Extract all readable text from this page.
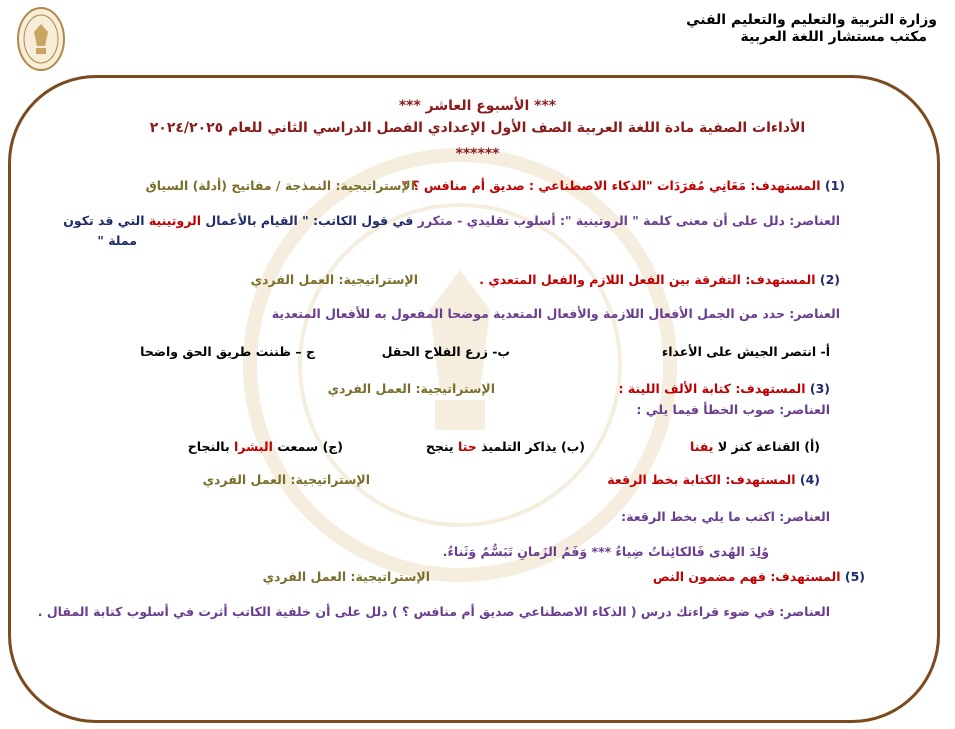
وزارة التربية والتعليم والتعليم الفني
مكتب مستشار اللغة العربية
*** الأسبوع العاشر ***
الأداءات الصفية مادة اللغة العربية الصف الأول الإعدادي الفصل الدراسي الثاني للعام ٢٠٢٤/٢٠٢٥
******
(1) المستهدف: مَعَانِي مُفرَدَات "الذكاء الاصطناعي : صديق أم منافس ؟ "
الإستراتيجية: النمذجة / مفاتيح (أدلة) السياق
العناصر: دلل على أن معنى كلمة " الروتينية ": أسلوب تقليدي - متكرر في قول الكاتب: " القيام بالأعمال الروتينية التي قد تكون
مملة "
(2) المستهدف: التفرقة بين الفعل اللازم والفعل المتعدي .
الإستراتيجية: العمل الفردي
العناصر: حدد من الجمل الأفعال اللازمة والأفعال المتعدية موضحا المفعول به للأفعال المتعدية
أ- انتصر الجيش على الأعداء
ب- زرع الفلاح الحقل
ج – ظننت طريق الحق واضحا
(3) المستهدف: كتابة الألف اللينة :
الإستراتيجية: العمل الفردي
العناصر: صوب الخطأ فيما يلي :
(أ) القناعة كنز لا يفنا
(ب) يذاكر التلميذ حتا ينجح
(ج) سمعت البشرا بالنجاح
(4) المستهدف: الكتابة بخط الرقعة
الإستراتيجية: العمل الفردي
العناصر: اكتب ما يلي بخط الرقعة:
وُلِدَ الهُدى فَالكائِناتُ ضِياءُ *** وَفَمُ الزَمانِ تَبَسُّمٌ وَثَناءُ.
(5) المستهدف: فهم مضمون النص
الإستراتيجية: العمل الفردي
العناصر: في ضوء قراءتك درس ( الذكاء الاصطناعي صديق أم منافس ؟ ) دلل على أن خلفية الكاتب أثرت في أسلوب كتابة المقال .
